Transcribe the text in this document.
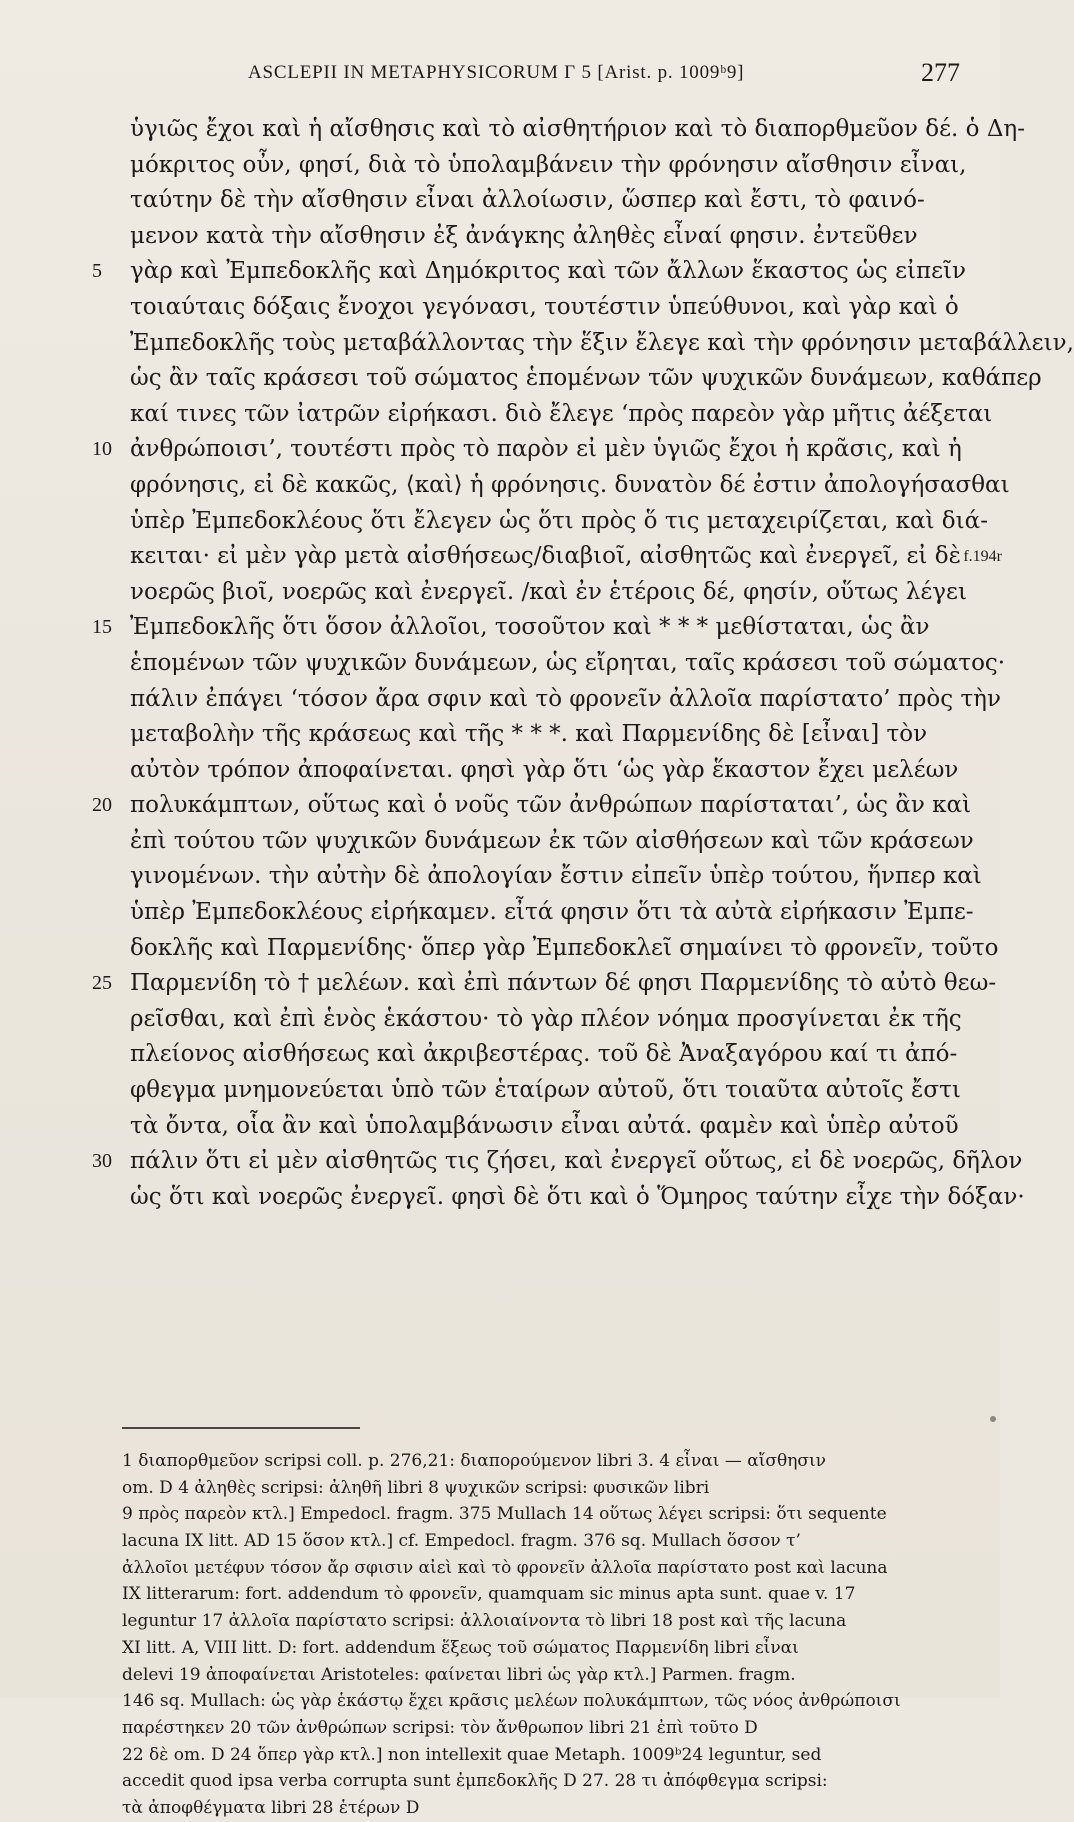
ASCLEPII IN METAPHYSICORUM Γ 5 [Arist. p. 1009ᵇ9]	277
ὑγιῶς ἔχοι καὶ ἡ αἴσθησις καὶ τὸ αἰσθητήριον καὶ τὸ διαπορθμεῦον δέ. ὁ Δη-
μόκριτος οὖν, φησί, διὰ τὸ ὑπολαμβάνειν τὴν φρόνησιν αἴσθησιν εἶναι,
ταύτην δὲ τὴν αἴσθησιν εἶναι ἀλλοίωσιν, ὥσπερ καὶ ἔστι, τὸ φαινό-
μενον κατὰ τὴν αἴσθησιν ἐξ ἀνάγκης ἀληθὲς εἶναί φησιν. ἐντεῦθεν
5	γὰρ καὶ Ἐμπεδοκλῆς καὶ Δημόκριτος καὶ τῶν ἄλλων ἕκαστος ὡς εἰπεῖν
τοιαύταις δόξαις ἔνοχοι γεγόνασι, τουτέστιν ὑπεύθυνοι, καὶ γὰρ καὶ ὁ
Ἐμπεδοκλῆς τοὺς μεταβάλλοντας τὴν ἕξιν ἔλεγε καὶ τὴν φρόνησιν μεταβάλλειν,
ὡς ἂν ταῖς κράσεσι τοῦ σώματος ἑπομένων τῶν ψυχικῶν δυνάμεων, καθάπερ
καί τινες τῶν ἰατρῶν εἰρήκασι. διὸ ἔλεγε ‘πρὸς παρεὸν γὰρ μῆτις ἀέξεται
10 ἀνθρώποισι’, τουτέστι πρὸς τὸ παρὸν εἰ μὲν ὑγιῶς ἔχοι ἡ κρᾶσις, καὶ ἡ
φρόνησις, εἰ δὲ κακῶς, ⟨καὶ⟩ ἡ φρόνησις. δυνατὸν δέ ἐστιν ἀπολογήσασθαι
ὑπὲρ Ἐμπεδοκλέους ὅτι ἔλεγεν ὡς ὅτι πρὸς ὅ τις μεταχειρίζεται, καὶ διά-
κειται· εἰ μὲν γὰρ μετὰ αἰσθήσεως/διαβιοῖ, αἰσθητῶς καὶ ἐνεργεῖ, εἰ δὲ f.194r
νοερῶς βιοῖ, νοερῶς καὶ ἐνεργεῖ. /καὶ ἐν ἑτέροις δέ, φησίν, οὕτως λέγει
15 Ἐμπεδοκλῆς ὅτι ὅσον ἀλλοῖοι, τοσοῦτον καὶ * * * μεθίσταται, ὡς ἂν
ἑπομένων τῶν ψυχικῶν δυνάμεων, ὡς εἴρηται, ταῖς κράσεσι τοῦ σώματος·
πάλιν ἐπάγει ‘τόσον ἄρα σφιν καὶ τὸ φρονεῖν ἀλλοῖα παρίστατο’ πρὸς τὴν
μεταβολὴν τῆς κράσεως καὶ τῆς * * *. καὶ Παρμενίδης δὲ [εἶναι] τὸν
αὐτὸν τρόπον ἀποφαίνεται. φησὶ γὰρ ὅτι ‘ὡς γὰρ ἕκαστον ἔχει μελέων
20 πολυκάμπτων, οὕτως καὶ ὁ νοῦς τῶν ἀνθρώπων παρίσταται’, ὡς ἂν καὶ
ἐπὶ τούτου τῶν ψυχικῶν δυνάμεων ἐκ τῶν αἰσθήσεων καὶ τῶν κράσεων
γινομένων. τὴν αὐτὴν δὲ ἀπολογίαν ἔστιν εἰπεῖν ὑπὲρ τούτου, ἥνπερ καὶ
ὑπὲρ Ἐμπεδοκλέους εἰρήκαμεν. εἶτά φησιν ὅτι τὰ αὐτὰ εἰρήκασιν Ἐμπε-
δοκλῆς καὶ Παρμενίδης· ὅπερ γὰρ Ἐμπεδοκλεῖ σημαίνει τὸ φρονεῖν, τοῦτο
25 Παρμενίδη τὸ † μελέων. καὶ ἐπὶ πάντων δέ φησι Παρμενίδης τὸ αὐτὸ θεω-
ρεῖσθαι, καὶ ἐπὶ ἑνὸς ἑκάστου· τὸ γὰρ πλέον νόημα προσγίνεται ἐκ τῆς
πλείονος αἰσθήσεως καὶ ἀκριβεστέρας. τοῦ δὲ Ἀναξαγόρου καί τι ἀπό-
φθεγμα μνημονεύεται ὑπὸ τῶν ἑταίρων αὐτοῦ, ὅτι τοιαῦτα αὐτοῖς ἔστι
τὰ ὄντα, οἷα ἂν καὶ ὑπολαμβάνωσιν εἶναι αὐτά. φαμὲν καὶ ὑπὲρ αὐτοῦ
30 πάλιν ὅτι εἰ μὲν αἰσθητῶς τις ζήσει, καὶ ἐνεργεῖ οὕτως, εἰ δὲ νοερῶς, δῆλον
ὡς ὅτι καὶ νοερῶς ἐνεργεῖ. φησὶ δὲ ὅτι καὶ ὁ Ὅμηρος ταύτην εἶχε τὴν δόξαν·
1 διαπορθμεῦον scripsi coll. p. 276,21: διαπορούμενον libri 3. 4 εἶναι — αἴσθησιν
om. D 4 ἀληθὲς scripsi: ἀληθῆ libri 8 ψυχικῶν scripsi: φυσικῶν libri
9 πρὸς παρεὸν κτλ.] Empedocl. fragm. 375 Mullach 14 οὕτως λέγει scripsi: ὅτι sequente
lacuna IX litt. AD 15 ὅσον κτλ.] cf. Empedocl. fragm. 376 sq. Mullach ὅσσον τ’
ἀλλοῖοι μετέφυν τόσον ἄρ σφισιν αἰεὶ καὶ τὸ φρονεῖν ἀλλοῖα παρίστατο post καὶ lacuna
IX litterarum: fort. addendum τὸ φρονεῖν, quamquam sic minus apta sunt. quae v. 17
leguntur 17 ἀλλοῖα παρίστατο scripsi: ἀλλοιαίνοντα τὸ libri 18 post καὶ τῆς lacuna
XI litt. A, VIII litt. D: fort. addendum ἕξεως τοῦ σώματος Παρμενίδη libri εἶναι
delevi 19 ἀποφαίνεται Aristoteles: φαίνεται libri ὡς γὰρ κτλ.] Parmen. fragm.
146 sq. Mullach: ὡς γὰρ ἑκάστῳ ἔχει κρᾶσις μελέων πολυκάμπτων, τῶς νόος ἀνθρώποισι
παρέστηκεν 20 τῶν ἀνθρώπων scripsi: τὸν ἄνθρωπον libri 21 ἐπὶ τοῦτο D
22 δὲ om. D 24 ὅπερ γὰρ κτλ.] non intellexit quae Metaph. 1009ᵇ24 leguntur, sed
accedit quod ipsa verba corrupta sunt ἐμπεδοκλῆς D 27. 28 τι ἀπόφθεγμα scripsi:
τὰ ἀποφθέγματα libri 28 ἑτέρων D
